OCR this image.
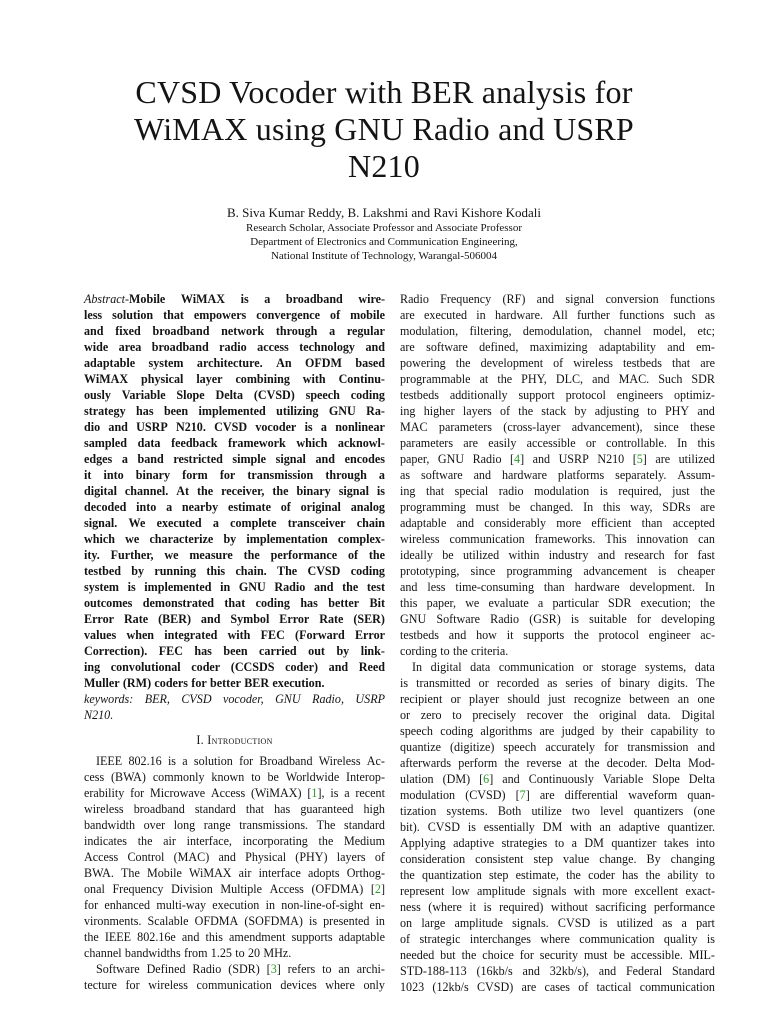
CVSD Vocoder with BER analysis for
WiMAX using GNU Radio and USRP
N210
B. Siva Kumar Reddy, B. Lakshmi and Ravi Kishore Kodali
Research Scholar, Associate Professor and Associate Professor
Department of Electronics and Communication Engineering,
National Institute of Technology, Warangal-506004
Abstract- Mobile WiMAX is a broadband wire-
less solution that empowers convergence of mobile
and fixed broadband network through a regular
wide area broadband radio access technology and
adaptable system architecture. An OFDM based
WiMAX physical layer combining with Continu-
ously Variable Slope Delta (CVSD) speech coding
strategy has been implemented utilizing GNU Ra-
dio and USRP N210. CVSD vocoder is a nonlinear
sampled data feedback framework which acknowl-
edges a band restricted simple signal and encodes
it into binary form for transmission through a
digital channel. At the receiver, the binary signal is
decoded into a nearby estimate of original analog
signal. We executed a complete transceiver chain
which we characterize by implementation complex-
ity. Further, we measure the performance of the
testbed by running this chain. The CVSD coding
system is implemented in GNU Radio and the test
outcomes demonstrated that coding has better Bit
Error Rate (BER) and Symbol Error Rate (SER)
values when integrated with FEC (Forward Error
Correction). FEC has been carried out by link-
ing convolutional coder (CCSDS coder) and Reed
Muller (RM) coders for better BER execution.
keywords: BER, CVSD vocoder, GNU Radio, USRP
N210.
I. Introduction
IEEE 802.16 is a solution for Broadband Wireless Ac-
cess (BWA) commonly known to be Worldwide Interop-
erability for Microwave Access (WiMAX) [1], is a recent
wireless broadband standard that has guaranteed high
bandwidth over long range transmissions. The standard
indicates the air interface, incorporating the Medium
Access Control (MAC) and Physical (PHY) layers of
BWA. The Mobile WiMAX air interface adopts Orthog-
onal Frequency Division Multiple Access (OFDMA) [2]
for enhanced multi-way execution in non-line-of-sight en-
vironments. Scalable OFDMA (SOFDMA) is presented in
the IEEE 802.16e and this amendment supports adaptable
channel bandwidths from 1.25 to 20 MHz.
Software Defined Radio (SDR) [3] refers to an archi-
tecture for wireless communication devices where only
Radio Frequency (RF) and signal conversion functions
are executed in hardware. All further functions such as
modulation, filtering, demodulation, channel model, etc;
are software defined, maximizing adaptability and em-
powering the development of wireless testbeds that are
programmable at the PHY, DLC, and MAC. Such SDR
testbeds additionally support protocol engineers optimiz-
ing higher layers of the stack by adjusting to PHY and
MAC parameters (cross-layer advancement), since these
parameters are easily accessible or controllable. In this
paper, GNU Radio [4] and USRP N210 [5] are utilized
as software and hardware platforms separately. Assum-
ing that special radio modulation is required, just the
programming must be changed. In this way, SDRs are
adaptable and considerably more efficient than accepted
wireless communication frameworks. This innovation can
ideally be utilized within industry and research for fast
prototyping, since programming advancement is cheaper
and less time-consuming than hardware development. In
this paper, we evaluate a particular SDR execution; the
GNU Software Radio (GSR) is suitable for developing
testbeds and how it supports the protocol engineer ac-
cording to the criteria.
In digital data communication or storage systems, data
is transmitted or recorded as series of binary digits. The
recipient or player should just recognize between an one
or zero to precisely recover the original data. Digital
speech coding algorithms are judged by their capability to
quantize (digitize) speech accurately for transmission and
afterwards perform the reverse at the decoder. Delta Mod-
ulation (DM) [6] and Continuously Variable Slope Delta
modulation (CVSD) [7] are differential waveform quan-
tization systems. Both utilize two level quantizers (one
bit). CVSD is essentially DM with an adaptive quantizer.
Applying adaptive strategies to a DM quantizer takes into
consideration consistent step value change. By changing
the quantization step estimate, the coder has the ability to
represent low amplitude signals with more excellent exact-
ness (where it is required) without sacrificing performance
on large amplitude signals. CVSD is utilized as a part
of strategic interchanges where communication quality is
needed but the choice for security must be accessible. MIL-
STD-188-113 (16kb/s and 32kb/s), and Federal Standard
1023 (12kb/s CVSD) are cases of tactical communication
